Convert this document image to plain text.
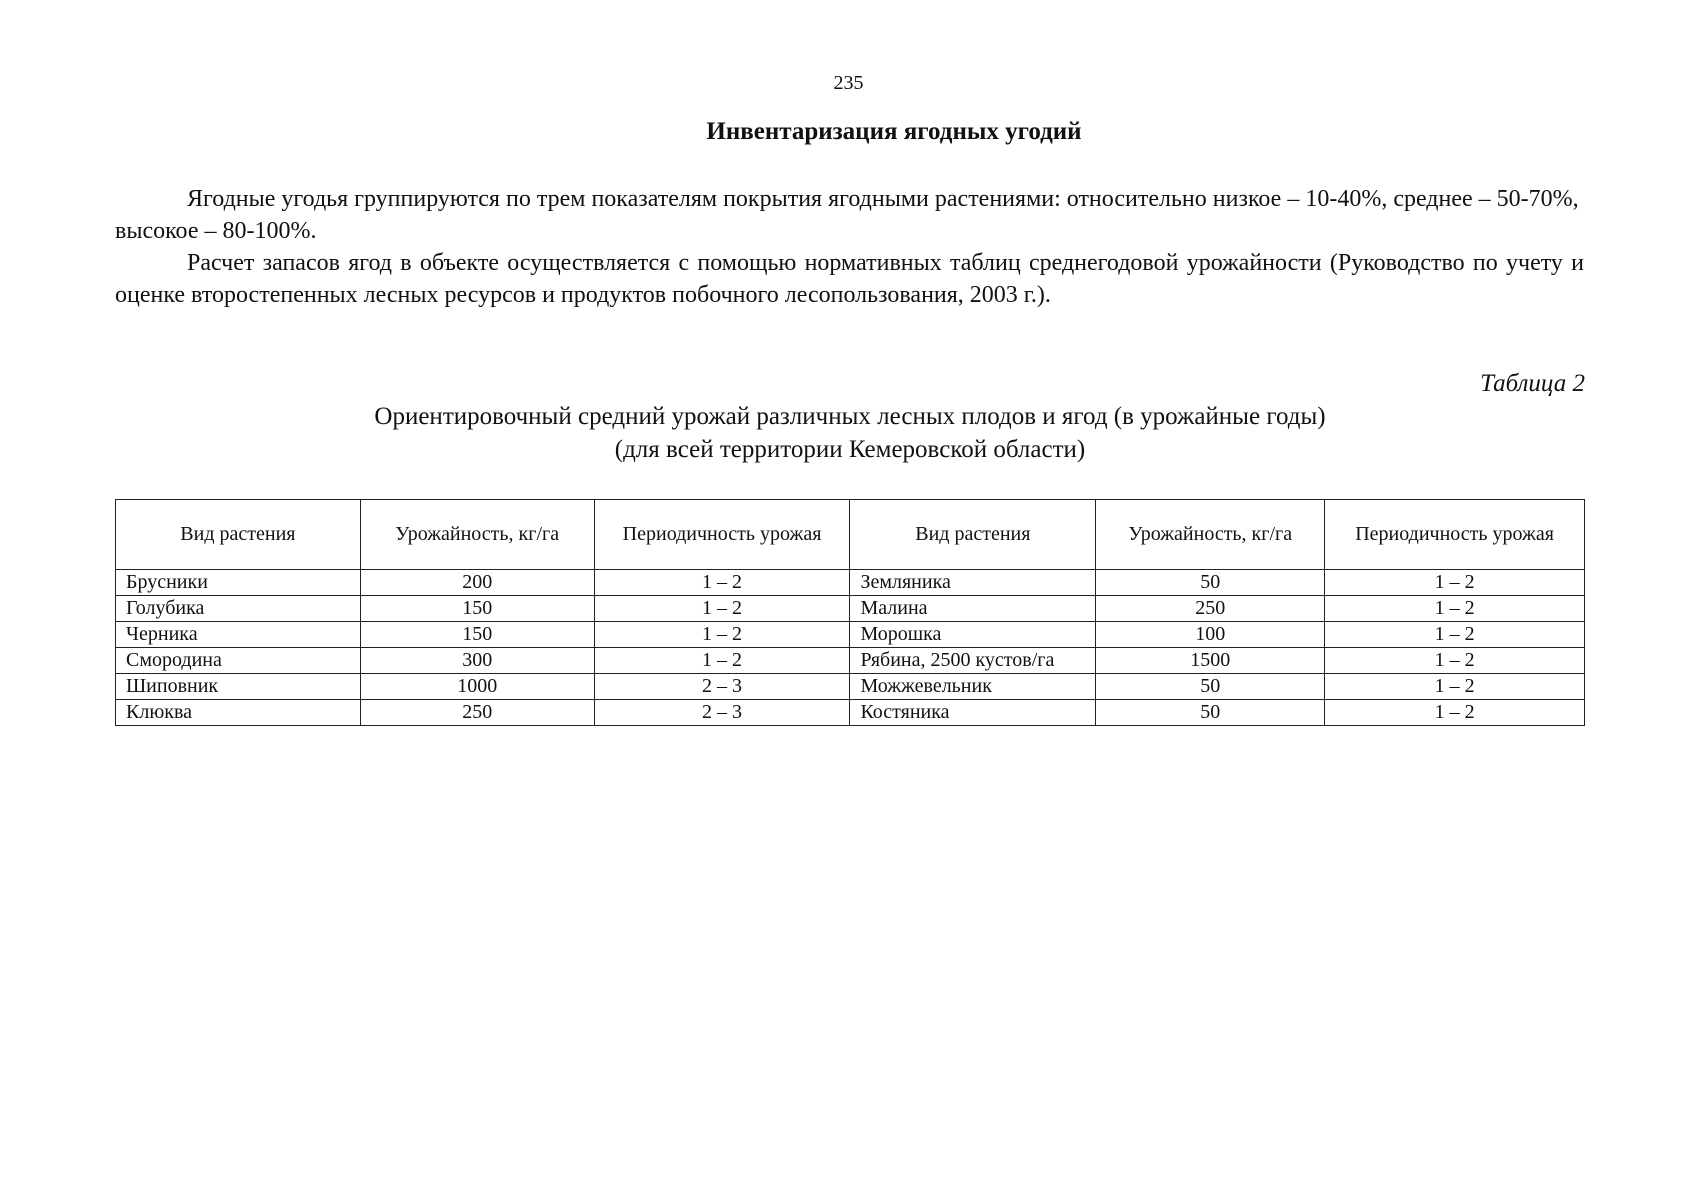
235
Инвентаризация ягодных угодий
Ягодные угодья группируются по трем показателям покрытия ягодными растениями: относительно низкое – 10-40%, среднее – 50-70%, высокое – 80-100%.
Расчет запасов ягод в объекте осуществляется с помощью нормативных таблиц среднегодовой урожайности (Руководство по учету и оценке второстепенных лесных ресурсов и продуктов побочного лесопользования, 2003 г.).
Таблица 2
Ориентировочный средний урожай различных лесных плодов и ягод (в урожайные годы)
(для всей территории Кемеровской области)
Вид растения	Урожайность, кг/га	Периодичность урожая	Вид растения	Урожайность, кг/га	Периодичность урожая
Брусники	200	1 – 2	Земляника	50	1 – 2
Голубика	150	1 – 2	Малина	250	1 – 2
Черника	150	1 – 2	Морошка	100	1 – 2
Смородина	300	1 – 2	Рябина, 2500 кустов/га	1500	1 – 2
Шиповник	1000	2 – 3	Можжевельник	50	1 – 2
Клюква	250	2 – 3	Костяника	50	1 – 2
